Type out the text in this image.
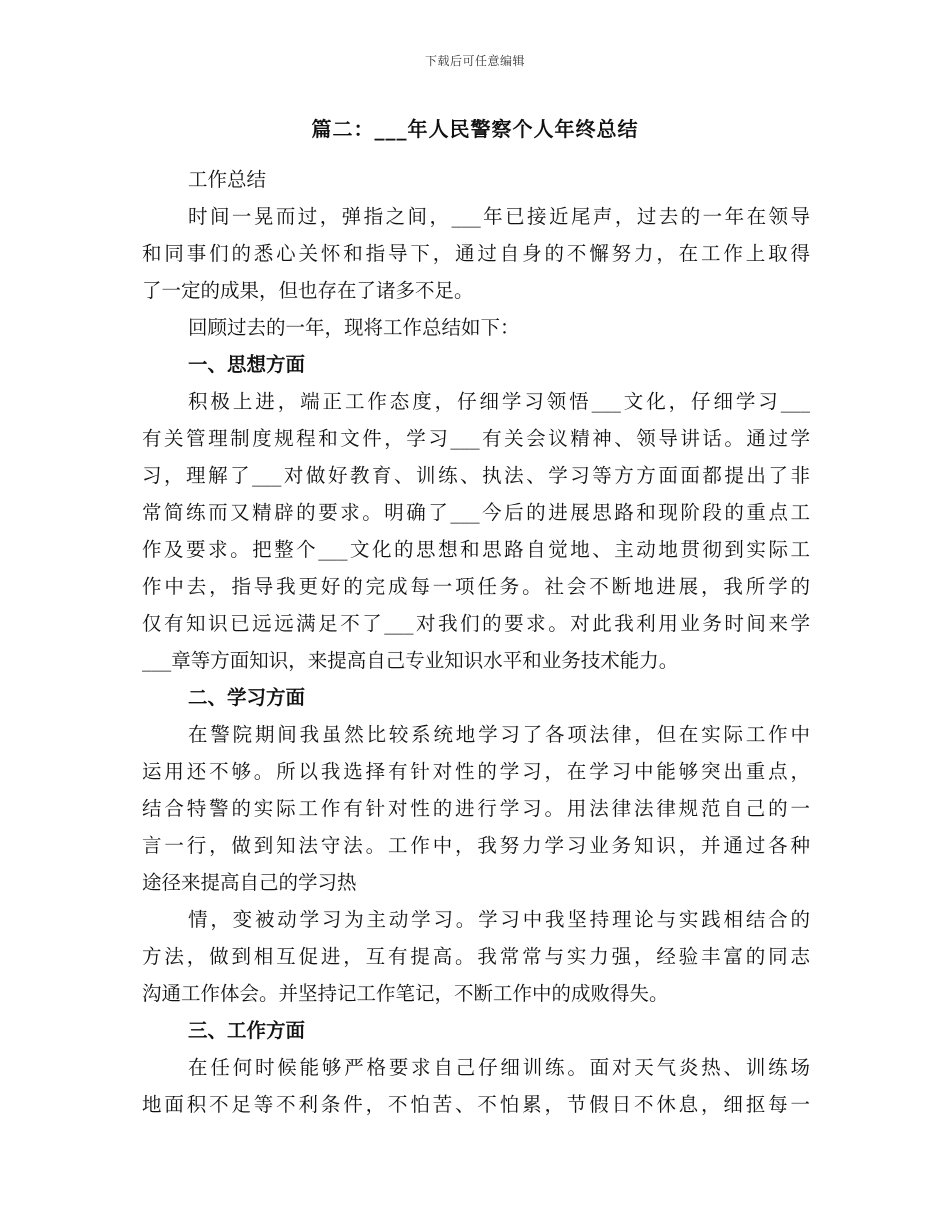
下载后可任意编辑
篇二：___年人民警察个人年终总结
工作总结
时间一晃而过，弹指之间，___年已接近尾声，过去的一年在领导
和同事们的悉心关怀和指导下，通过自身的不懈努力，在工作上取得
了一定的成果，但也存在了诸多不足。
回顾过去的一年，现将工作总结如下：
一、思想方面
积极上进，端正工作态度，仔细学习领悟___文化，仔细学习___
有关管理制度规程和文件，学习___有关会议精神、领导讲话。通过学
习，理解了___对做好教育、训练、执法、学习等方方面面都提出了非
常简练而又精辟的要求。明确了___今后的进展思路和现阶段的重点工
作及要求。把整个___文化的思想和思路自觉地、主动地贯彻到实际工
作中去，指导我更好的完成每一项任务。社会不断地进展，我所学的
仅有知识已远远满足不了___对我们的要求。对此我利用业务时间来学
___章等方面知识，来提高自己专业知识水平和业务技术能力。
二、学习方面
在警院期间我虽然比较系统地学习了各项法律，但在实际工作中
运用还不够。所以我选择有针对性的学习，在学习中能够突出重点，
结合特警的实际工作有针对性的进行学习。用法律法律规范自己的一
言一行，做到知法守法。工作中，我努力学习业务知识，并通过各种
途径来提高自己的学习热
情，变被动学习为主动学习。学习中我坚持理论与实践相结合的
方法，做到相互促进，互有提高。我常常与实力强，经验丰富的同志
沟通工作体会。并坚持记工作笔记，不断工作中的成败得失。
三、工作方面
在任何时候能够严格要求自己仔细训练。面对天气炎热、训练场
地面积不足等不利条件，不怕苦、不怕累，节假日不休息，细抠每一
